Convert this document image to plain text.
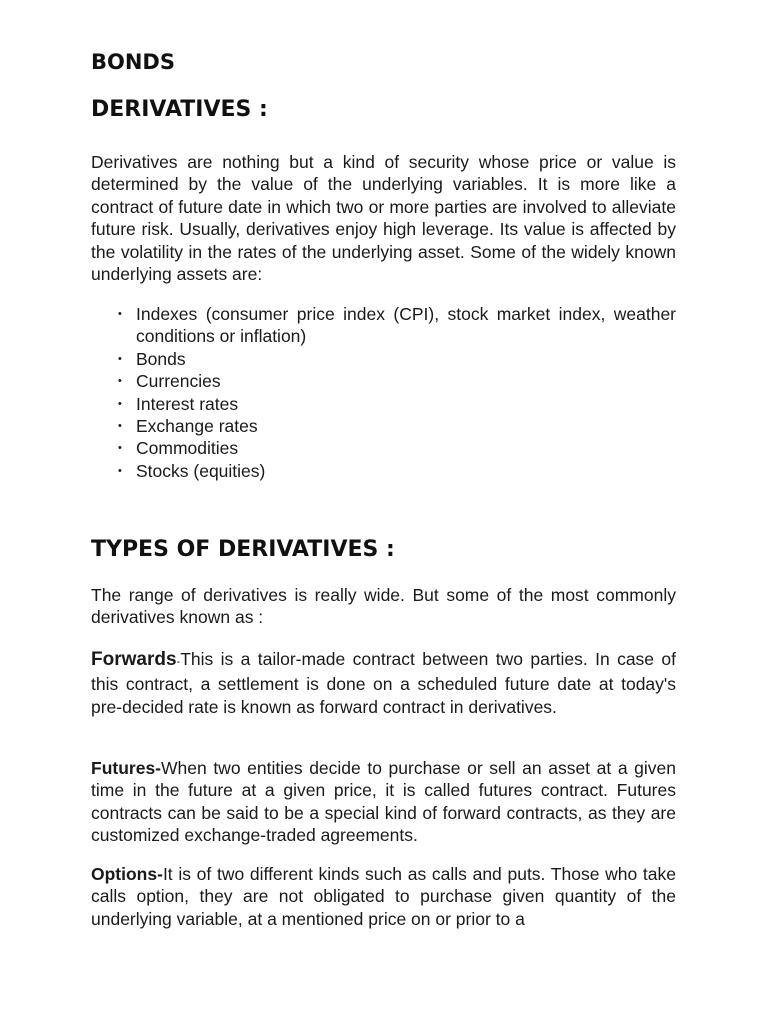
BONDS
DERIVATIVES :

Derivatives are nothing but a kind of security whose price or value is determined by the value of the underlying variables. It is more like a contract of future date in which two or more parties are involved to alleviate future risk. Usually, derivatives enjoy high leverage. Its value is affected by the volatility in the rates of the underlying asset. Some of the widely known underlying assets are:

• Indexes (consumer price index (CPI), stock market index, weather conditions or inflation)
• Bonds
• Currencies
• Interest rates
• Exchange rates
• Commodities
• Stocks (equities)
TYPES OF DERIVATIVES :

The range of derivatives is really wide. But some of the most commonly derivatives known as :

Forwards-This is a tailor-made contract between two parties. In case of this contract, a settlement is done on a scheduled future date at today's pre-decided rate is known as forward contract in derivatives.

Futures-When two entities decide to purchase or sell an asset at a given time in the future at a given price, it is called futures contract. Futures contracts can be said to be a special kind of forward contracts, as they are customized exchange-traded agreements.

Options-It is of two different kinds such as calls and puts. Those who take calls option, they are not obligated to purchase given quantity of the underlying variable, at a mentioned price on or prior to a
